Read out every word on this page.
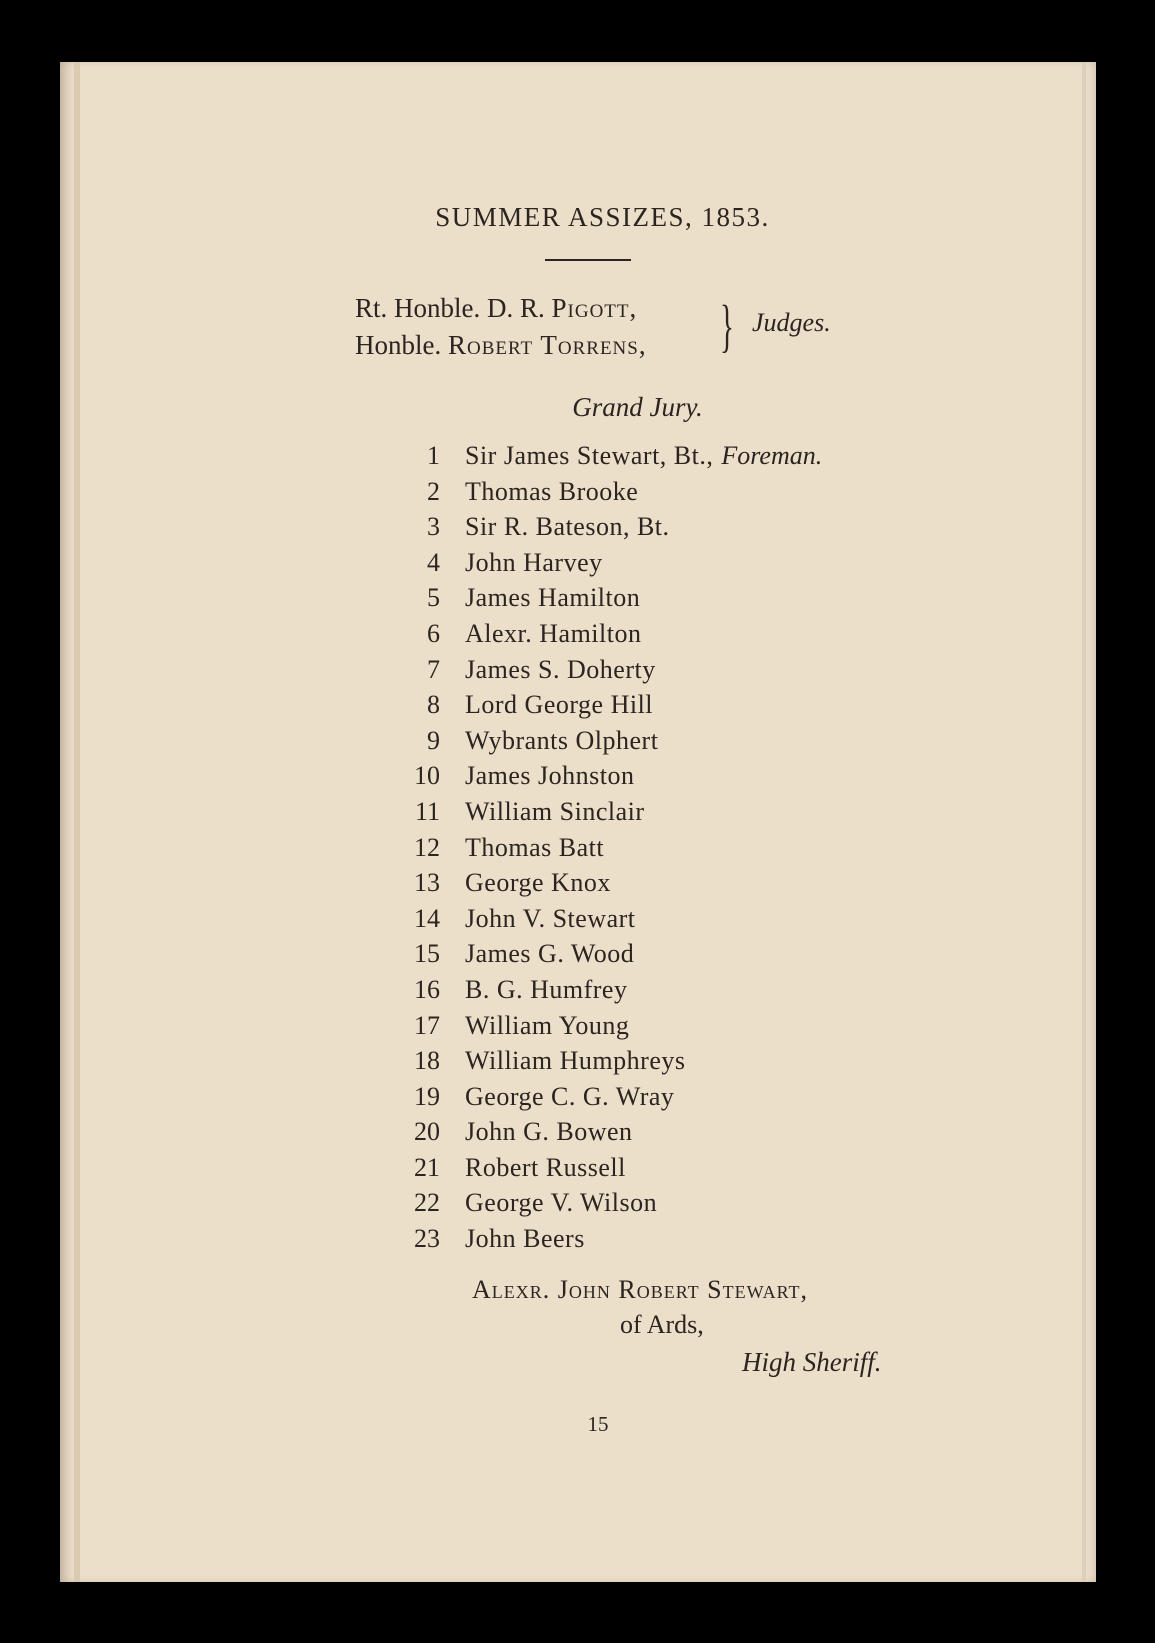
SUMMER ASSIZES, 1853.
Rt. Honble. D. R. Pigott,
Honble. Robert Torrens, } Judges.
Grand Jury.
1 Sir James Stewart, Bt., Foreman.
2 Thomas Brooke
3 Sir R. Bateson, Bt.
4 John Harvey
5 James Hamilton
6 Alexr. Hamilton
7 James S. Doherty
8 Lord George Hill
9 Wybrants Olphert
10 James Johnston
11 William Sinclair
12 Thomas Batt
13 George Knox
14 John V. Stewart
15 James G. Wood
16 B. G. Humfrey
17 William Young
18 William Humphreys
19 George C. G. Wray
20 John G. Bowen
21 Robert Russell
22 George V. Wilson
23 John Beers
Alexr. John Robert Stewart,
of Ards,
High Sheriff.
15
